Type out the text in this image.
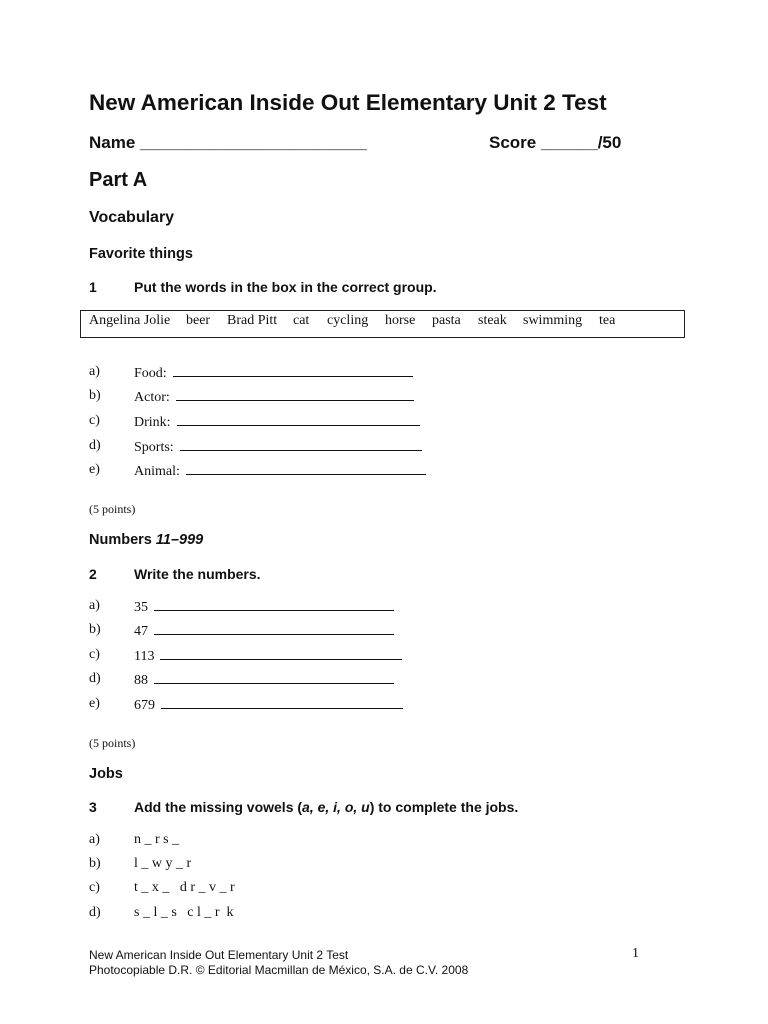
New American Inside Out Elementary Unit 2 Test
Name ________________________	Score ______/50
Part A
Vocabulary
Favorite things
1	Put the words in the box in the correct group.
Angelina Jolie beer Brad Pitt cat cycling horse pasta steak swimming tea
a) Food:
b) Actor:
c) Drink:
d) Sports:
e) Animal:
(5 points)
Numbers 11–999
2	Write the numbers.
a) 35
b) 47
c) 113
d) 88
e) 679
(5 points)
Jobs
3	Add the missing vowels (a, e, i, o, u) to complete the jobs.
a) n _ r s _
b) l _ w y _ r
c) t _ x _   d r _ v _ r
d) s _ l _ s   c l _ r  k
New American Inside Out Elementary Unit 2 Test
Photocopiable D.R. © Editorial Macmillan de México, S.A. de C.V. 2008
1
